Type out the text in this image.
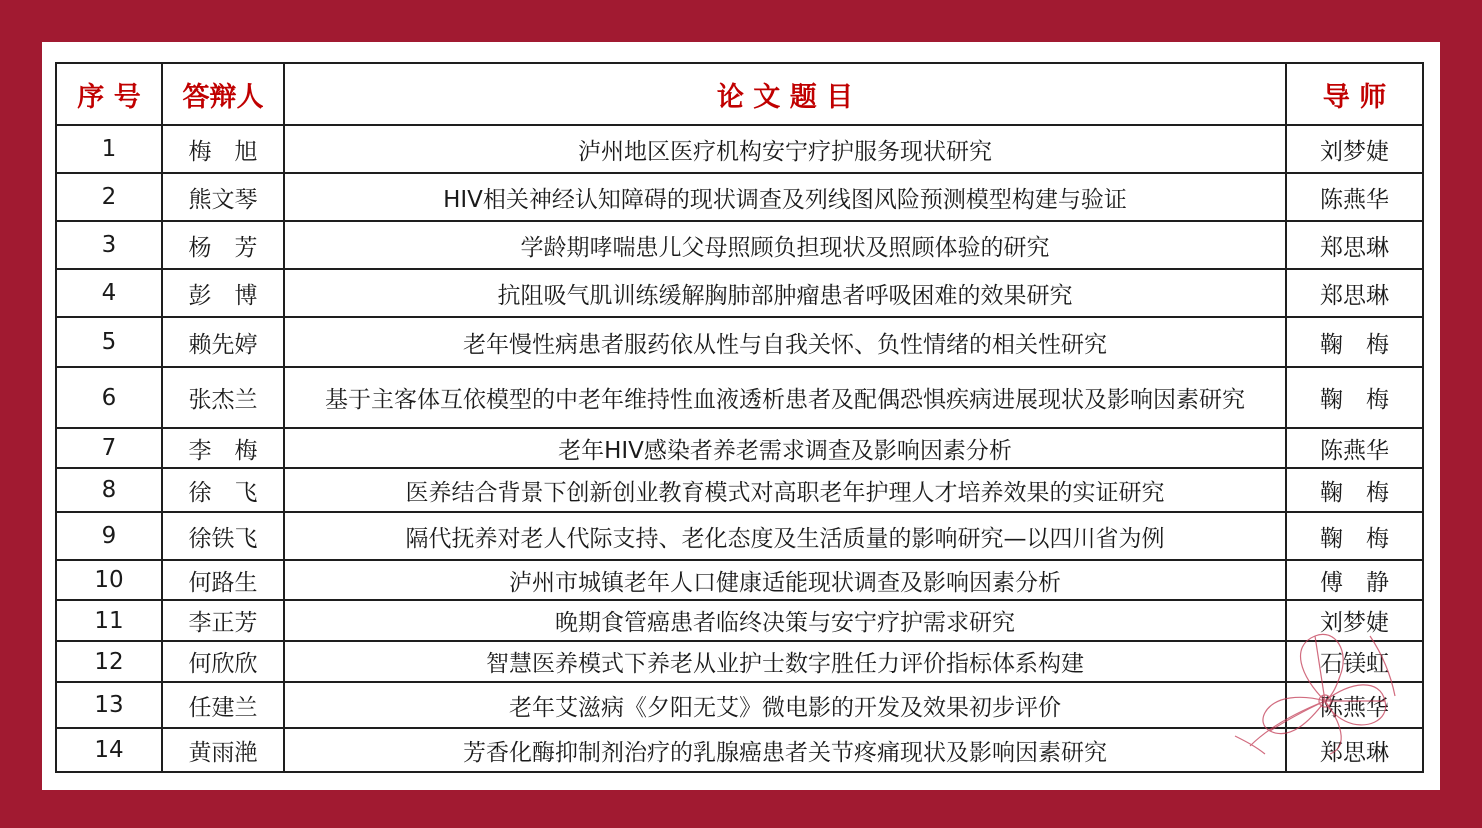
序 号	答辩人	论 文 题 目	导 师
1	梅　旭	泸州地区医疗机构安宁疗护服务现状研究	刘梦婕
2	熊文琴	HIV相关神经认知障碍的现状调查及列线图风险预测模型构建与验证	陈燕华
3	杨　芳	学龄期哮喘患儿父母照顾负担现状及照顾体验的研究	郑思琳
4	彭　博	抗阻吸气肌训练缓解胸肺部肿瘤患者呼吸困难的效果研究	郑思琳
5	赖先婷	老年慢性病患者服药依从性与自我关怀、负性情绪的相关性研究	鞠　梅
6	张杰兰	基于主客体互依模型的中老年维持性血液透析患者及配偶恐惧疾病进展现状及影响因素研究	鞠　梅
7	李　梅	老年HIV感染者养老需求调查及影响因素分析	陈燕华
8	徐　飞	医养结合背景下创新创业教育模式对高职老年护理人才培养效果的实证研究	鞠　梅
9	徐铁飞	隔代抚养对老人代际支持、老化态度及生活质量的影响研究—以四川省为例	鞠　梅
10	何路生	泸州市城镇老年人口健康适能现状调查及影响因素分析	傅　静
11	李正芳	晚期食管癌患者临终决策与安宁疗护需求研究	刘梦婕
12	何欣欣	智慧医养模式下养老从业护士数字胜任力评价指标体系构建	石镁虹
13	任建兰	老年艾滋病《夕阳无艾》微电影的开发及效果初步评价	陈燕华
14	黄雨滟	芳香化酶抑制剂治疗的乳腺癌患者关节疼痛现状及影响因素研究	郑思琳
